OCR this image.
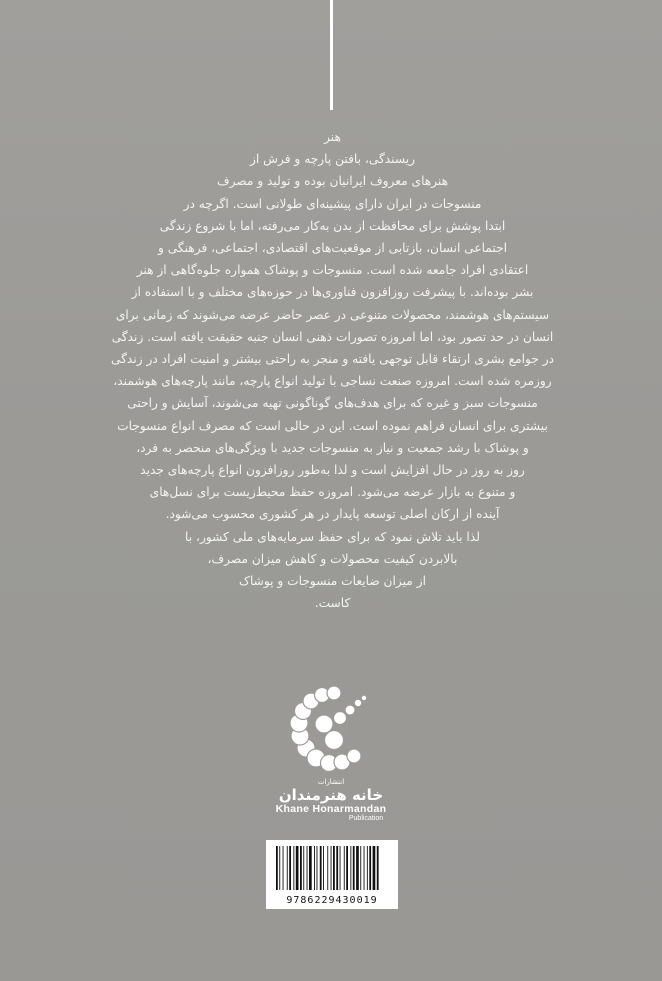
هنر
ریسندگی، بافتن پارچه و فرش از
هنرهای معروف ایرانیان بوده و تولید و مصرف
منسوجات در ایران دارای پیشینه‌ای طولانی است. اگرچه در
ابتدا پوشش برای محافظت از بدن به‌کار می‌رفته، اما با شروع زندگی
اجتماعی انسان، بازتابی از موقعیت‌های اقتصادی، اجتماعی، فرهنگی و
اعتقادی افراد جامعه شده است. منسوجات و پوشاک همواره جلوه‌گاهی از هنر
بشر بوده‌اند. با پیشرفت روزافزون فناوری‌ها در حوزه‌های مختلف و با استفاده از
سیستم‌های هوشمند، محصولات متنوعی در عصر حاضر عرضه می‌شوند که زمانی برای
انسان در حد تصور بود، اما امروزه تصورات ذهنی انسان جنبه حقیقت یافته است. زندگی
در جوامع بشری ارتقاء قابل توجهی یافته و منجر به راحتی بیشتر و امنیت افراد در زندگی
روزمره شده است. امروزه صنعت نساجی با تولید انواع پارچه، مانند پارچه‌های هوشمند،
منسوجات سبز و غیره که برای هدف‌های گوناگونی تهیه می‌شوند، آسایش و راحتی
بیشتری برای انسان فراهم نموده است. این در حالی است که مصرف انواع منسوجات
و پوشاک با رشد جمعیت و نیاز به منسوجات جدید با ویژگی‌های منحصر به فرد،
روز به روز در حال افزایش است و لذا به‌طور روزافزون انواع پارچه‌های جدید
و متنوع به بازار عرضه می‌شود. امروزه حفظ محیط‌زیست برای نسل‌های
آینده از ارکان اصلی توسعه پایدار در هر کشوری محسوب می‌شود.
لذا باید تلاش نمود که برای حفظ سرمایه‌های ملی کشور، با
بالابردن کیفیت محصولات و کاهش میزان مصرف،
از میزان ضایعات منسوجات و پوشاک
کاست.
انتشارات
خانه هنرمندان
Khane Honarmandan
Publication
9786229430019
